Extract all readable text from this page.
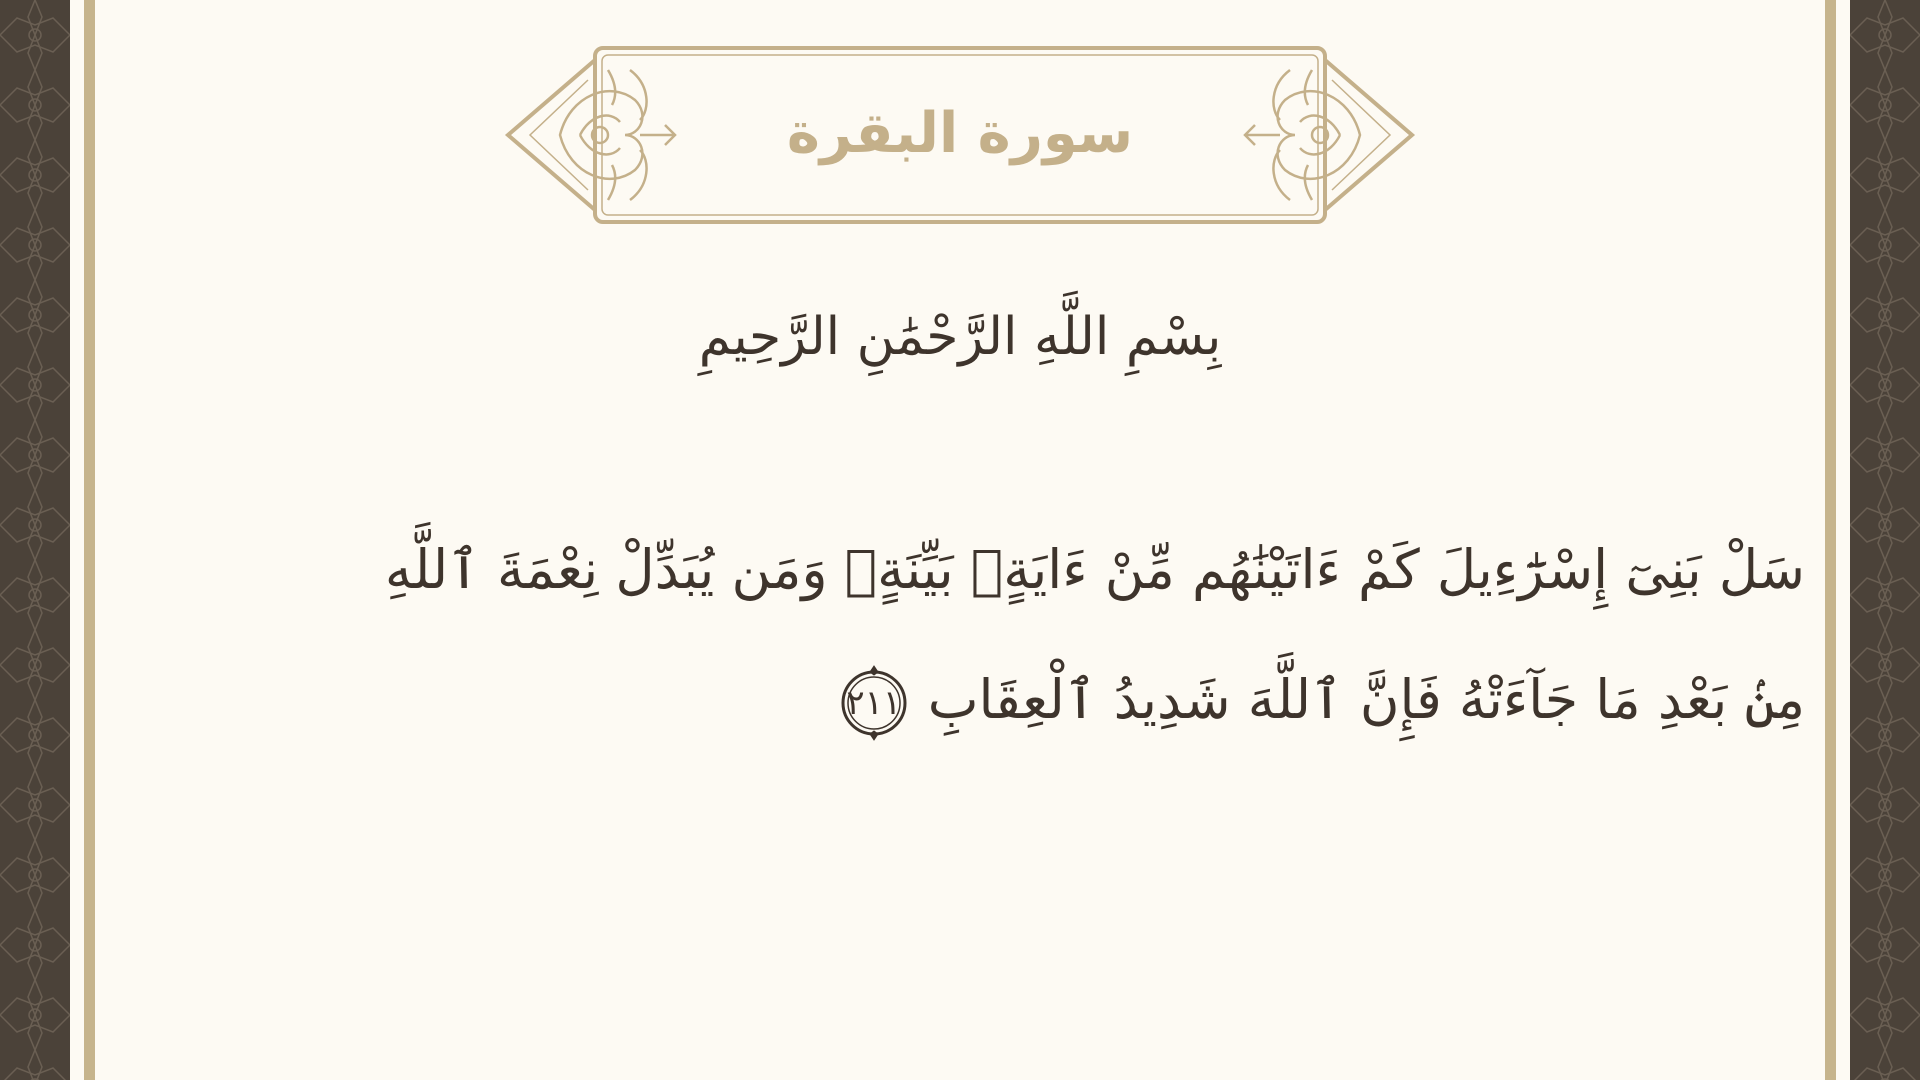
سورة البقرة
بِسْمِ اللَّهِ الرَّحْمَٰنِ الرَّحِيمِ
سَلْ بَنِىٓ إِسْرَٰٓءِيلَ كَمْ ءَاتَيْنَٰهُم مِّنْ ءَايَةٍۭ بَيِّنَةٍۗ وَمَن يُبَدِّلْ نِعْمَةَ ٱللَّهِ
مِنۢ بَعْدِ مَا جَآءَتْهُ فَإِنَّ ٱللَّهَ شَدِيدُ ٱلْعِقَابِ
٢١١
